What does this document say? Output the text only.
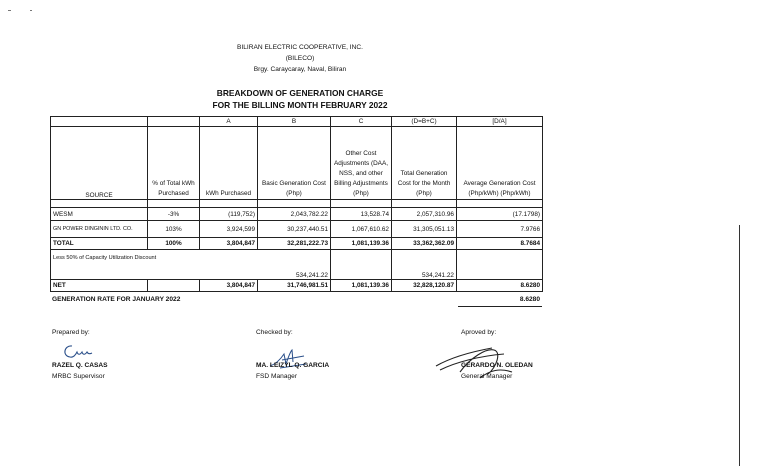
BILIRAN ELECTRIC COOPERATIVE, INC.
(BILECO)
Brgy. Caraycaray, Naval, Biliran
BREAKDOWN OF GENERATION CHARGE
FOR THE BILLING MONTH FEBRUARY 2022
		A	B	C	(D=B+C)	[D/A]
SOURCE	% of Total kWh Purchased	kWh Purchased	Basic Generation Cost (Php)	Other Cost Adjustments (DAA, NSS, and other Billing Adjustments (Php)	Total Generation Cost for the Month (Php)	Average Generation Cost (Php/kWh) (Php/kWh)

WESM	-3%	(119,752)	2,043,782.22	13,528.74	2,057,310.96	(17.1798)
GN POWER DINGININ LTD. CO.	103%	3,924,599	30,237,440.51	1,067,610.62	31,305,051.13	7.9766
TOTAL	100%	3,804,847	32,281,222.73	1,081,139.36	33,362,362.09	8.7684
Less 50% of Capacity Utilization Discount			534,241.22		534,241.22	
NET		3,804,847	31,746,981.51	1,081,139.36	32,828,120.87	8.6280
GENERATION RATE FOR JANUARY 2022	8.6280
Prepared by:	Checked by:	Aproved by:
RAZEL Q. CASAS
MRBC Supervisor
MA. LEIZYL Q. GARCIA
FSD Manager
GERARDO N. OLEDAN
General Manager
